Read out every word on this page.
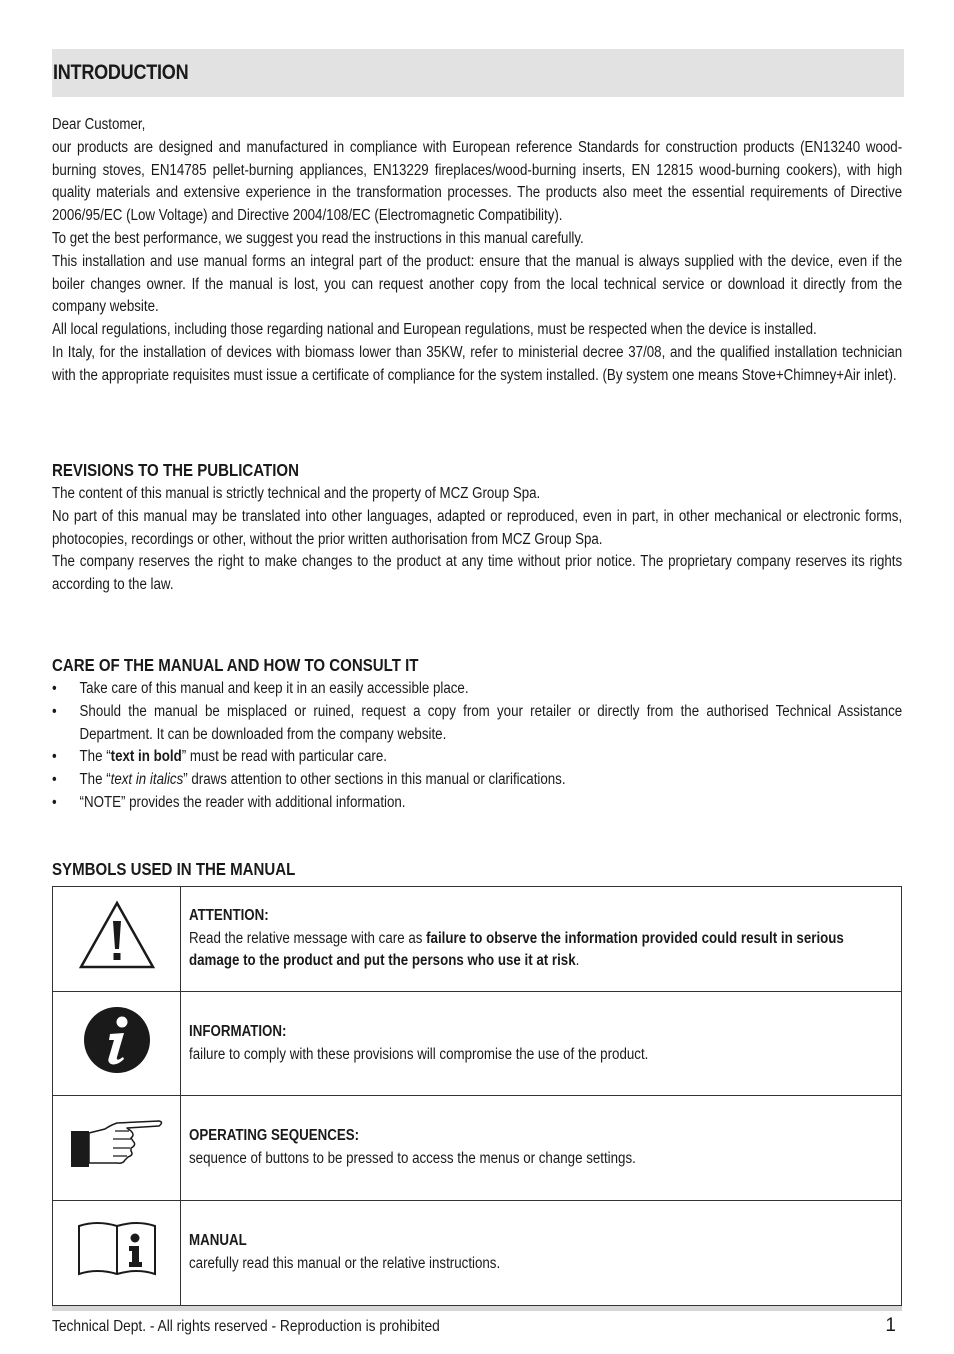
INTRODUCTION

Dear Customer,

our products are designed and manufactured in compliance with European reference Standards for construction products (EN13240 wood-burning stoves, EN14785 pellet-burning appliances, EN13229 fireplaces/wood-burning inserts, EN 12815 wood-burning cookers), with high quality materials and extensive experience in the transformation processes. The products also meet the essential requirements of Directive 2006/95/EC (Low Voltage) and Directive 2004/108/EC (Electromagnetic Compatibility).

To get the best performance, we suggest you read the instructions in this manual carefully.

This installation and use manual forms an integral part of the product: ensure that the manual is always supplied with the device, even if the boiler changes owner. If the manual is lost, you can request another copy from the local technical service or download it directly from the company website.

All local regulations, including those regarding national and European regulations, must be respected when the device is installed.

In Italy, for the installation of devices with biomass lower than 35KW, refer to ministerial decree 37/08, and the qualified installation technician with the appropriate requisites must issue a certificate of compliance for the system installed. (By system one means Stove+Chimney+Air inlet).

REVISIONS TO THE PUBLICATION

The content of this manual is strictly technical and the property of MCZ Group Spa.

No part of this manual may be translated into other languages, adapted or reproduced, even in part, in other mechanical or electronic forms, photocopies, recordings or other, without the prior written authorisation from MCZ Group Spa.

The company reserves the right to make changes to the product at any time without prior notice. The proprietary company reserves its rights according to the law.

CARE OF THE MANUAL AND HOW TO CONSULT IT
• Take care of this manual and keep it in an easily accessible place.
• Should the manual be misplaced or ruined, request a copy from your retailer or directly from the authorised Technical Assistance Department. It can be downloaded from the company website.
• The “text in bold” must be read with particular care.
• The “text in italics” draws attention to other sections in this manual or clarifications.
• “NOTE” provides the reader with additional information.
SYMBOLS USED IN THE MANUAL

ATTENTION:
Read the relative message with care as failure to observe the information provided could result in serious damage to the product and put the persons who use it at risk.

INFORMATION:
failure to comply with these provisions will compromise the use of the product.

OPERATING SEQUENCES:
sequence of buttons to be pressed to access the menus or change settings.

MANUAL
carefully read this manual or the relative instructions.
Technical Dept. - All rights reserved - Reproduction is prohibited	1
